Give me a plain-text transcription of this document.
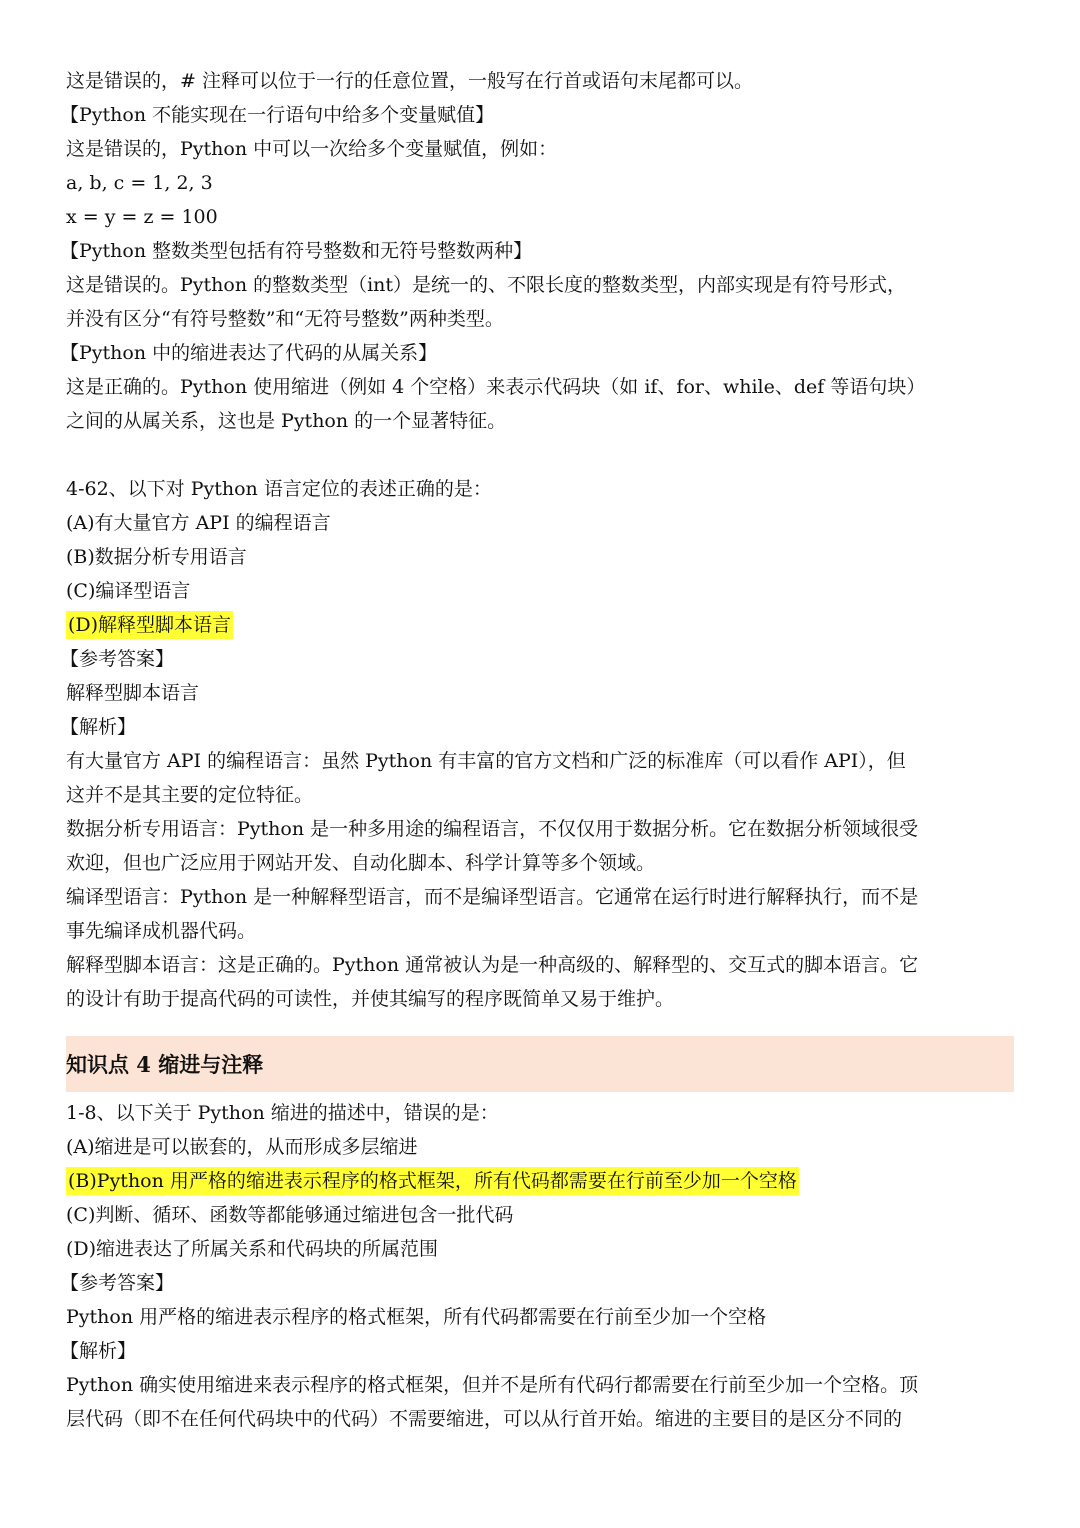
这是错误的，# 注释可以位于一行的任意位置，一般写在行首或语句末尾都可以。
【Python 不能实现在一行语句中给多个变量赋值】
这是错误的，Python 中可以一次给多个变量赋值，例如：
a, b, c = 1, 2, 3
x = y = z = 100
【Python 整数类型包括有符号整数和无符号整数两种】
这是错误的。Python 的整数类型（int）是统一的、不限长度的整数类型，内部实现是有符号形式，
并没有区分“有符号整数”和“无符号整数”两种类型。
【Python 中的缩进表达了代码的从属关系】
这是正确的。Python 使用缩进（例如 4 个空格）来表示代码块（如 if、for、while、def 等语句块）
之间的从属关系，这也是 Python 的一个显著特征。
4-62、以下对 Python 语言定位的表述正确的是：
(A)有大量官方 API 的编程语言
(B)数据分析专用语言
(C)编译型语言
(D)解释型脚本语言
【参考答案】
解释型脚本语言
【解析】
有大量官方 API 的编程语言：虽然 Python 有丰富的官方文档和广泛的标准库（可以看作 API），但
这并不是其主要的定位特征。
数据分析专用语言：Python 是一种多用途的编程语言，不仅仅用于数据分析。它在数据分析领域很受
欢迎，但也广泛应用于网站开发、自动化脚本、科学计算等多个领域。
编译型语言：Python 是一种解释型语言，而不是编译型语言。它通常在运行时进行解释执行，而不是
事先编译成机器代码。
解释型脚本语言：这是正确的。Python 通常被认为是一种高级的、解释型的、交互式的脚本语言。它
的设计有助于提高代码的可读性，并使其编写的程序既简单又易于维护。
知识点 4 缩进与注释
1-8、以下关于 Python 缩进的描述中，错误的是：
(A)缩进是可以嵌套的，从而形成多层缩进
(B)Python 用严格的缩进表示程序的格式框架，所有代码都需要在行前至少加一个空格
(C)判断、循环、函数等都能够通过缩进包含一批代码
(D)缩进表达了所属关系和代码块的所属范围
【参考答案】
Python 用严格的缩进表示程序的格式框架，所有代码都需要在行前至少加一个空格
【解析】
Python 确实使用缩进来表示程序的格式框架，但并不是所有代码行都需要在行前至少加一个空格。顶
层代码（即不在任何代码块中的代码）不需要缩进，可以从行首开始。缩进的主要目的是区分不同的
